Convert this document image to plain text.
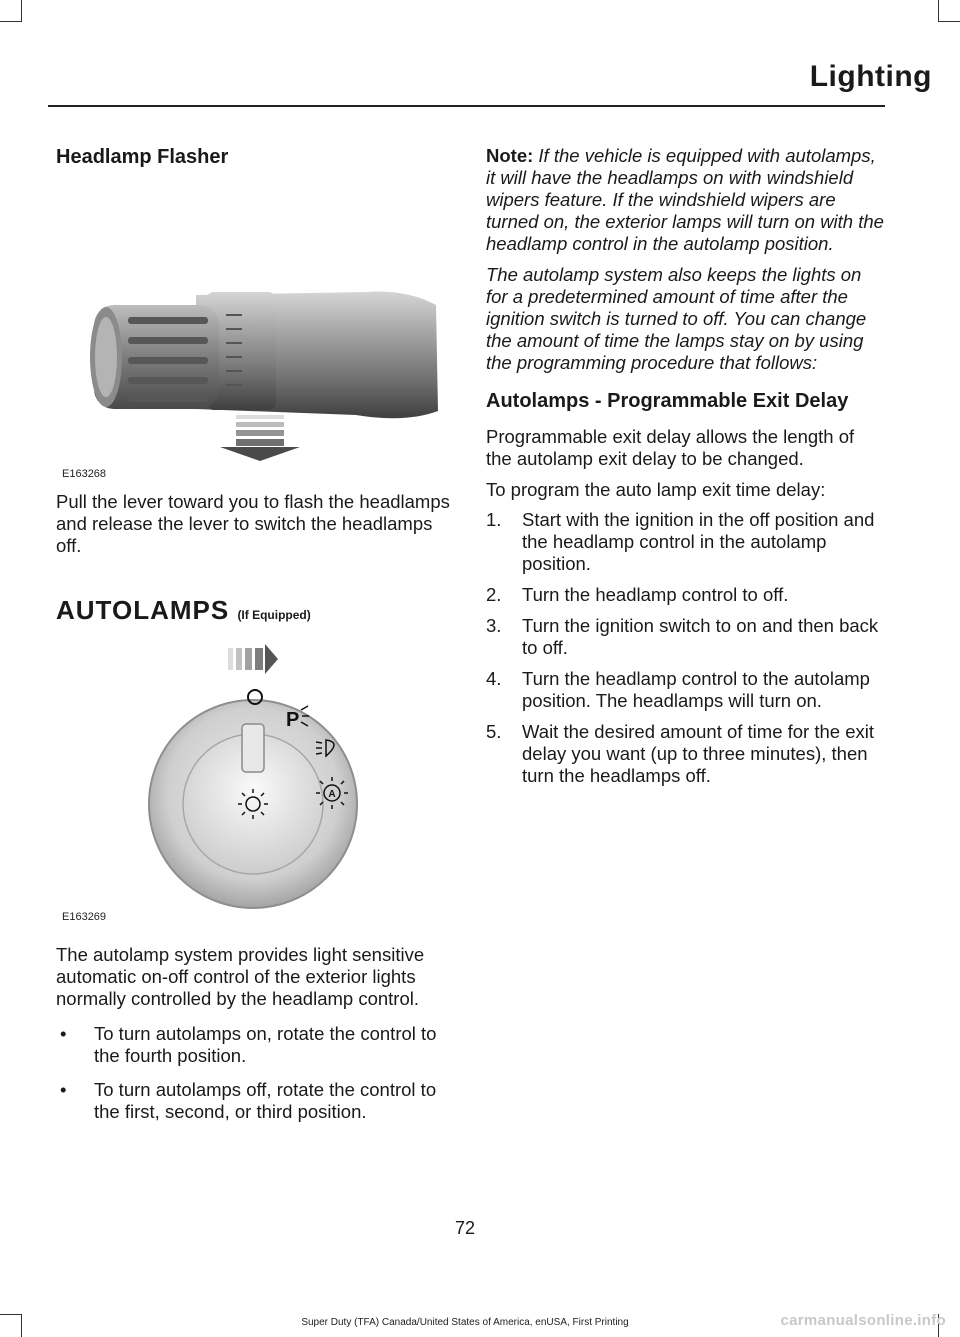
Lighting
Headlamp Flasher
E163268

Pull the lever toward you to flash the headlamps and release the lever to switch the headlamps off.

AUTOLAMPS (If Equipped)
P
A
E163269

The autolamp system provides light sensitive automatic on-off control of the exterior lights normally controlled by the headlamp control.

• To turn autolamps on, rotate the control to the fourth position.
• To turn autolamps off, rotate the control to the first, second, or third position.

Note: If the vehicle is equipped with autolamps, it will have the headlamps on with windshield wipers feature. If the windshield wipers are turned on, the exterior lamps will turn on with the headlamp control in the autolamp position.

The autolamp system also keeps the lights on for a predetermined amount of time after the ignition switch is turned to off. You can change the amount of time the lamps stay on by using the programming procedure that follows:

Autolamps - Programmable Exit Delay

Programmable exit delay allows the length of the autolamp exit delay to be changed.

To program the auto lamp exit time delay:

1. Start with the ignition in the off position and the headlamp control in the autolamp position.
2. Turn the headlamp control to off.
3. Turn the ignition switch to on and then back to off.
4. Turn the headlamp control to the autolamp position. The headlamps will turn on.
5. Wait the desired amount of time for the exit delay you want (up to three minutes), then turn the headlamps off.
72
Super Duty (TFA) Canada/United States of America, enUSA, First Printing	carmanualsonline.info
